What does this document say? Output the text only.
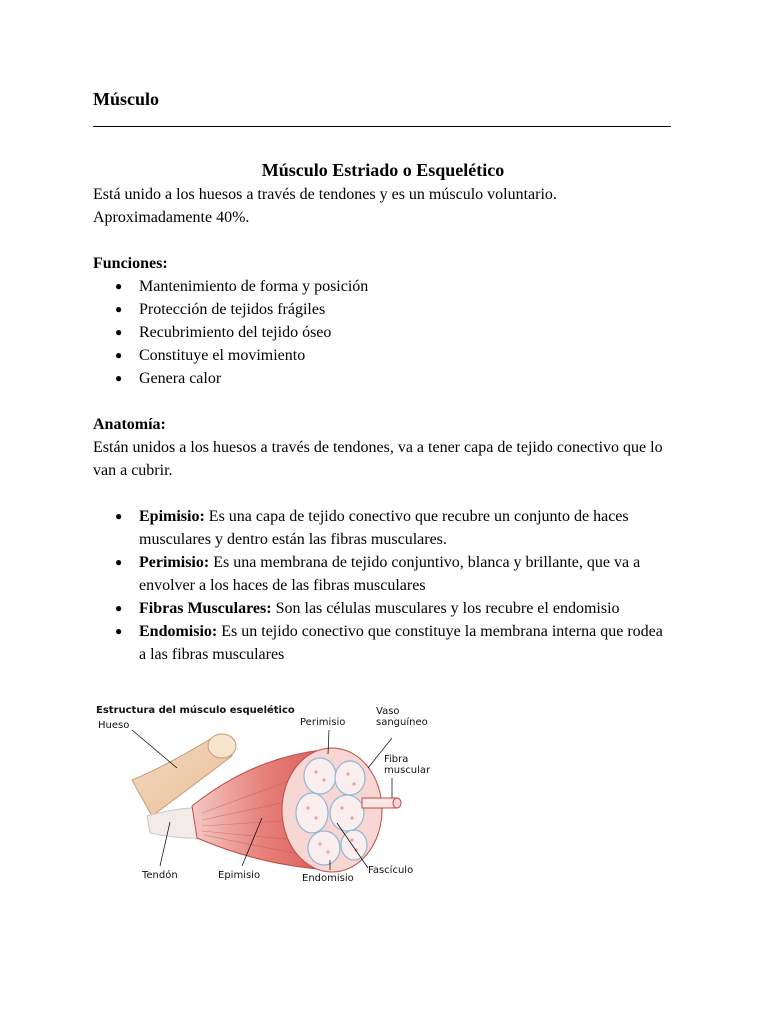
Músculo
Músculo Estriado o Esquelético

Está unido a los huesos a través de tendones y es un músculo voluntario.

Aproximadamente 40%.

Funciones:

● Mantenimiento de forma y posición
● Protección de tejidos frágiles
● Recubrimiento del tejido óseo
● Constituye el movimiento
● Genera calor

Anatomía:

Están unidos a los huesos a través de tendones, va a tener capa de tejido conectivo que lo van a cubrir.

● Epimisio: Es una capa de tejido conectivo que recubre un conjunto de haces musculares y dentro están las fibras musculares.
● Perimisio: Es una membrana de tejido conjuntivo, blanca y brillante, que va a envolver a los haces de las fibras musculares
● Fibras Musculares: Son las células musculares y los recubre el endomisio
● Endomisio: Es un tejido conectivo que constituye la membrana interna que rodea a las fibras musculares
Estructura del músculo esquelético
Hueso	Perimisio
Vaso
sanguíneo
Fibra
muscular
Tendón	Epimisio	Endomisio
Fascículo
